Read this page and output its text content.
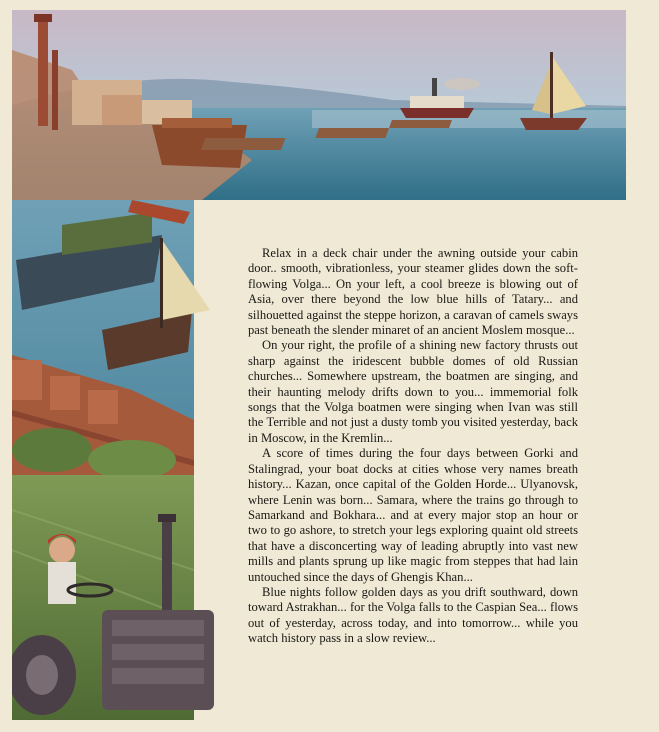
Relax in a deck chair under the awning outside your cabin door.. smooth, vibrationless, your steamer glides down the soft-flowing Volga... On your left, a cool breeze is blowing out of Asia, over there beyond the low blue hills of Tatary... and silhouetted against the steppe horizon, a caravan of camels sways past beneath the slender minaret of an ancient Moslem mosque...

On your right, the profile of a shining new factory thrusts out sharp against the iridescent bubble domes of old Russian churches... Somewhere upstream, the boatmen are singing, and their haunting melody drifts down to you... immemorial folk songs that the Volga boatmen were singing when Ivan was still the Terrible and not just a dusty tomb you visited yesterday, back in Moscow, in the Kremlin...

A score of times during the four days between Gorki and Stalingrad, your boat docks at cities whose very names breath history... Kazan, once capital of the Golden Horde... Ulyanovsk, where Lenin was born... Samara, where the trains go through to Samarkand and Bokhara... and at every major stop an hour or two to go ashore, to stretch your legs exploring quaint old streets that have a disconcerting way of leading abruptly into vast new mills and plants sprung up like magic from steppes that had lain untouched since the days of Ghengis Khan...

Blue nights follow golden days as you drift southward, down toward Astrakhan... for the Volga falls to the Caspian Sea... flows out of yesterday, across today, and into tomorrow... while you watch history pass in a slow review...
